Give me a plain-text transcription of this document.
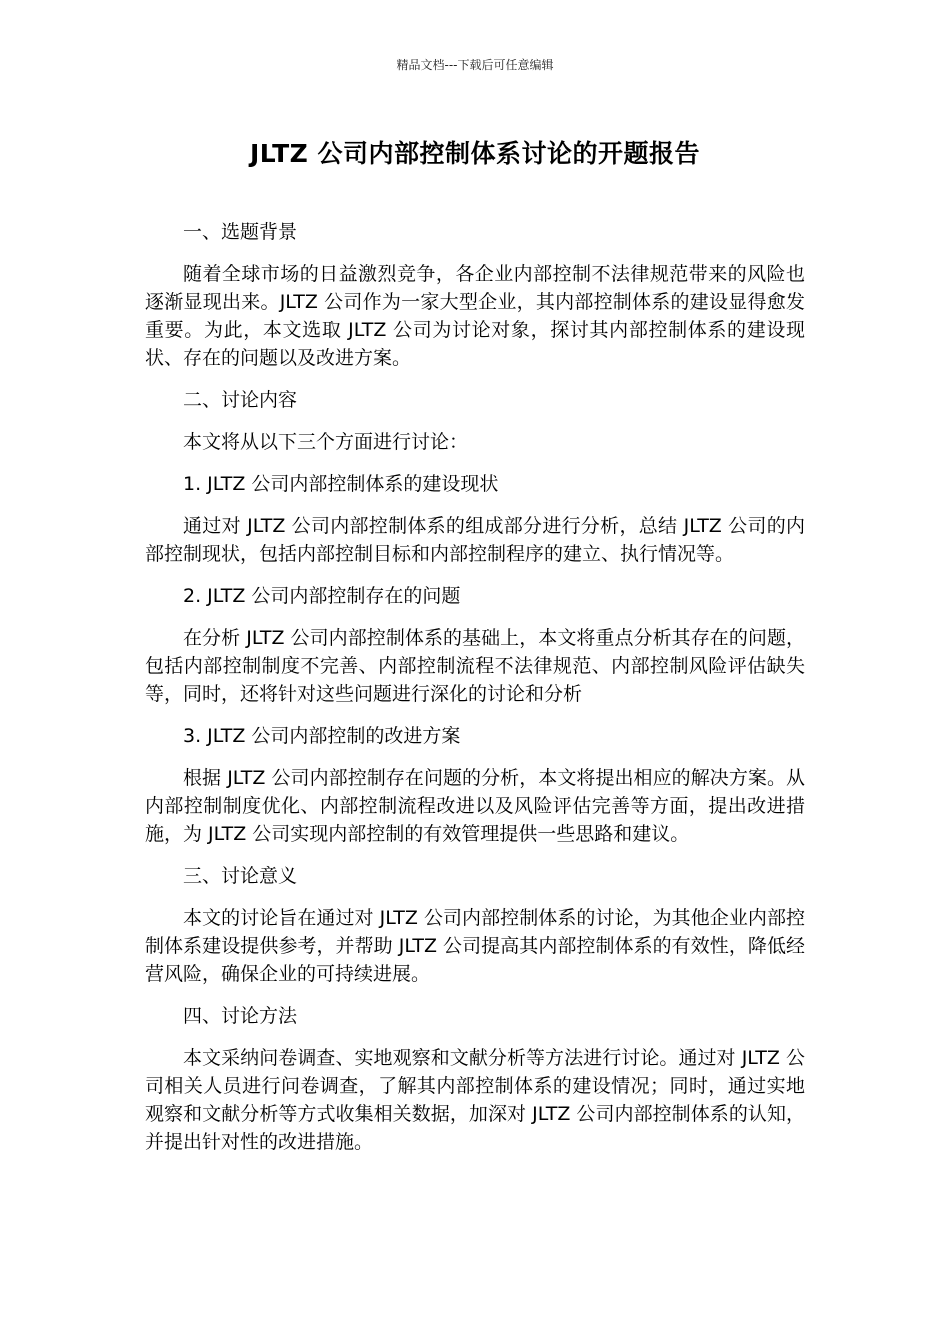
精品文档---下载后可任意编辑
JLTZ 公司内部控制体系讨论的开题报告

一、选题背景

随着全球市场的日益激烈竞争，各企业内部控制不法律规范带来的风险也逐渐显现出来。JLTZ 公司作为一家大型企业，其内部控制体系的建设显得愈发重要。为此，本文选取 JLTZ 公司为讨论对象，探讨其内部控制体系的建设现状、存在的问题以及改进方案。

二、讨论内容

本文将从以下三个方面进行讨论：

1. JLTZ 公司内部控制体系的建设现状

通过对 JLTZ 公司内部控制体系的组成部分进行分析，总结 JLTZ 公司的内部控制现状，包括内部控制目标和内部控制程序的建立、执行情况等。

2. JLTZ 公司内部控制存在的问题

在分析 JLTZ 公司内部控制体系的基础上，本文将重点分析其存在的问题，包括内部控制制度不完善、内部控制流程不法律规范、内部控制风险评估缺失等，同时，还将针对这些问题进行深化的讨论和分析

3. JLTZ 公司内部控制的改进方案

根据 JLTZ 公司内部控制存在问题的分析，本文将提出相应的解决方案。从内部控制制度优化、内部控制流程改进以及风险评估完善等方面，提出改进措施，为 JLTZ 公司实现内部控制的有效管理提供一些思路和建议。

三、讨论意义

本文的讨论旨在通过对 JLTZ 公司内部控制体系的讨论，为其他企业内部控制体系建设提供参考，并帮助 JLTZ 公司提高其内部控制体系的有效性，降低经营风险，确保企业的可持续进展。

四、讨论方法

本文采纳问卷调查、实地观察和文献分析等方法进行讨论。通过对 JLTZ 公司相关人员进行问卷调查，了解其内部控制体系的建设情况；同时，通过实地观察和文献分析等方式收集相关数据，加深对 JLTZ 公司内部控制体系的认知，并提出针对性的改进措施。
